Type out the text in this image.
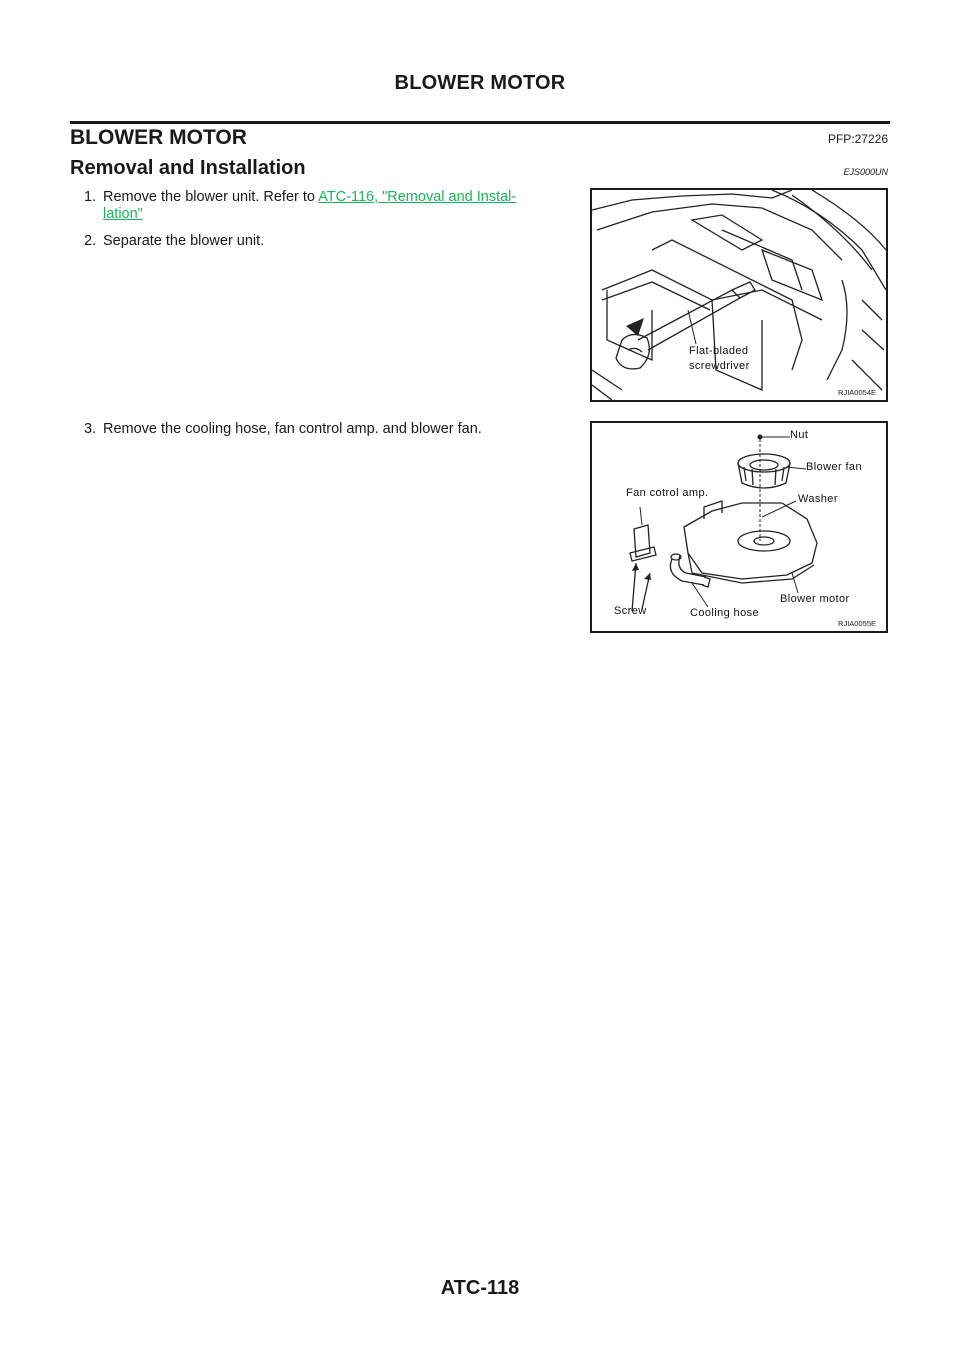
BLOWER MOTOR
BLOWER MOTOR	PFP:27226
Removal and Installation	EJS000UN
1. Remove the blower unit. Refer to ATC-116, "Removal and Instal-
lation"
2. Separate the blower unit.
3. Remove the cooling hose, fan control amp. and blower fan.
Flat-bladed
screwdriver
RJIA0054E
Nut
Blower fan
Washer
Fan cotrol amp.
Screw	Cooling hose
Blower motor
RJIA0055E
ATC-118
